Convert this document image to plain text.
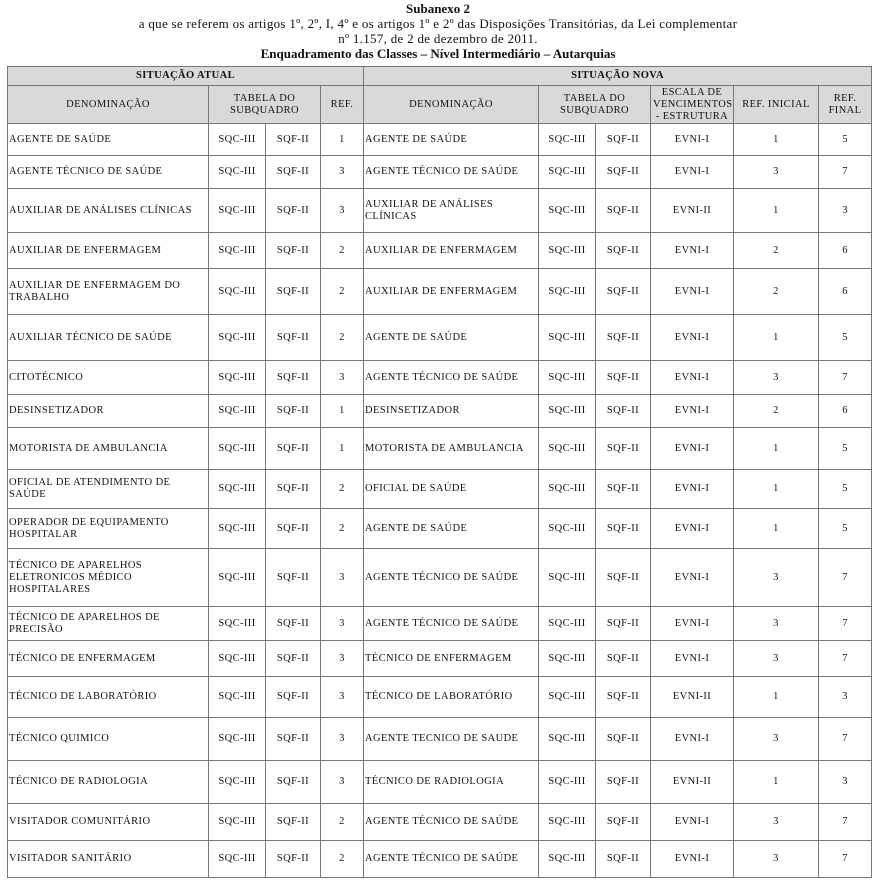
Subanexo 2
a que se referem os artigos 1º, 2º, I, 4º e os artigos 1º e 2º das Disposições Transitórias, da Lei complementar
nº 1.157, de 2 de dezembro de 2011.
Enquadramento das Classes – Nível Intermediário – Autarquias
SITUAÇÃO ATUAL				SITUAÇÃO NOVA					
DENOMINAÇÃO	TABELA DO SUBQUADRO		REF.	DENOMINAÇÃO	TABELA DO SUBQUADRO		ESCALA DE VENCIMENTOS - ESTRUTURA	REF. INICIAL	REF. FINAL
AGENTE DE SAÚDE	SQC-III	SQF-II	1	AGENTE DE SAÚDE	SQC-III	SQF-II	EVNI-I	1	5
AGENTE TÉCNICO DE SAÚDE	SQC-III	SQF-II	3	AGENTE TÉCNICO DE SAÚDE	SQC-III	SQF-II	EVNI-I	3	7
AUXILIAR DE ANÁLISES CLÍNICAS	SQC-III	SQF-II	3	AUXILIAR DE ANÁLISES CLÍNICAS	SQC-III	SQF-II	EVNI-II	1	3
AUXILIAR DE ENFERMAGEM	SQC-III	SQF-II	2	AUXILIAR DE ENFERMAGEM	SQC-III	SQF-II	EVNI-I	2	6
AUXILIAR DE ENFERMAGEM DO TRABALHO	SQC-III	SQF-II	2	AUXILIAR DE ENFERMAGEM	SQC-III	SQF-II	EVNI-I	2	6
AUXILIAR TÉCNICO DE SAÚDE	SQC-III	SQF-II	2	AGENTE DE SAÚDE	SQC-III	SQF-II	EVNI-I	1	5
CITOTÉCNICO	SQC-III	SQF-II	3	AGENTE TÉCNICO DE SAÚDE	SQC-III	SQF-II	EVNI-I	3	7
DESINSETIZADOR	SQC-III	SQF-II	1	DESINSETIZADOR	SQC-III	SQF-II	EVNI-I	2	6
MOTORISTA DE AMBULANCIA	SQC-III	SQF-II	1	MOTORISTA DE AMBULANCIA	SQC-III	SQF-II	EVNI-I	1	5
OFICIAL DE ATENDIMENTO DE SAÚDE	SQC-III	SQF-II	2	OFICIAL DE SAÚDE	SQC-III	SQF-II	EVNI-I	1	5
OPERADOR DE EQUIPAMENTO HOSPITALAR	SQC-III	SQF-II	2	AGENTE DE SAÚDE	SQC-III	SQF-II	EVNI-I	1	5
TÉCNICO DE APARELHOS ELETRONICOS MÉDICO HOSPITALARES	SQC-III	SQF-II	3	AGENTE TÉCNICO DE SAÚDE	SQC-III	SQF-II	EVNI-I	3	7
TÉCNICO DE APARELHOS DE PRECISÃO	SQC-III	SQF-II	3	AGENTE TÉCNICO DE SAÚDE	SQC-III	SQF-II	EVNI-I	3	7
TÉCNICO DE ENFERMAGEM	SQC-III	SQF-II	3	TÉCNICO DE ENFERMAGEM	SQC-III	SQF-II	EVNI-I	3	7
TÉCNICO DE LABORATÓRIO	SQC-III	SQF-II	3	TÉCNICO DE LABORATÓRIO	SQC-III	SQF-II	EVNI-II	1	3
TÉCNICO QUIMICO	SQC-III	SQF-II	3	AGENTE TECNICO DE SAUDE	SQC-III	SQF-II	EVNI-I	3	7
TÉCNICO DE RADIOLOGIA	SQC-III	SQF-II	3	TÉCNICO DE RADIOLOGIA	SQC-III	SQF-II	EVNI-II	1	3
VISITADOR COMUNITÁRIO	SQC-III	SQF-II	2	AGENTE TÉCNICO DE SAÚDE	SQC-III	SQF-II	EVNI-I	3	7
VISITADOR SANITÁRIO	SQC-III	SQF-II	2	AGENTE TÉCNICO DE SAÚDE	SQC-III	SQF-II	EVNI-I	3	7
